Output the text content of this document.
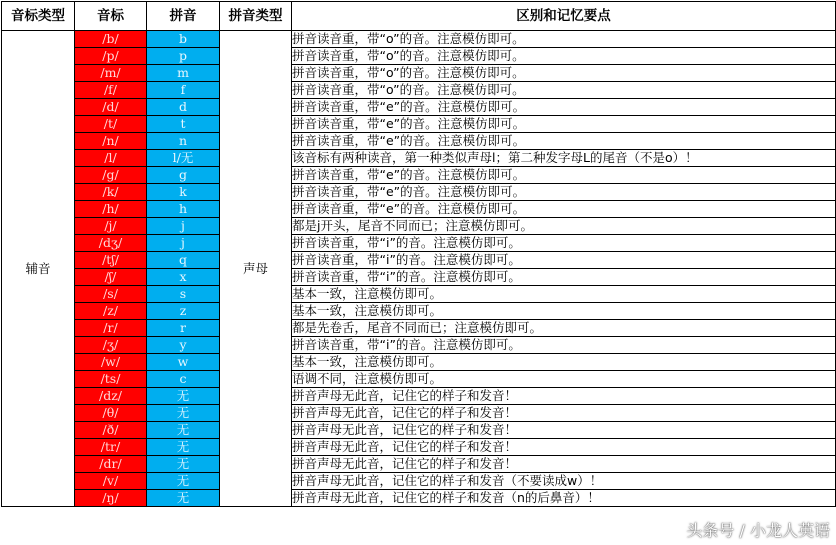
音标类型	音标	拼音	拼音类型	区别和记忆要点
辅音	/b/	b	声母	拼音读音重，带“o”的音。注意模仿即可。
	/p/	p		拼音读音重，带“o”的音。注意模仿即可。
	/m/	m		拼音读音重，带“o”的音。注意模仿即可。
	/f/	f		拼音读音重，带“o”的音。注意模仿即可。
	/d/	d		拼音读音重，带“e”的音。注意模仿即可。
	/t/	t		拼音读音重，带“e”的音。注意模仿即可。
	/n/	n		拼音读音重，带“e”的音。注意模仿即可。
	/l/	l/无		该音标有两种读音，第一种类似声母l；第二种发字母L的尾音（不是o）！
	/g/	g		拼音读音重，带“e”的音。注意模仿即可。
	/k/	k		拼音读音重，带“e”的音。注意模仿即可。
	/h/	h		拼音读音重，带“e”的音。注意模仿即可。
	/j/	j		都是j开头，尾音不同而已；注意模仿即可。
	/dʒ/	j		拼音读音重，带“i”的音。注意模仿即可。
	/tʃ/	q		拼音读音重，带“i”的音。注意模仿即可。
	/ʃ/	x		拼音读音重，带“i”的音。注意模仿即可。
	/s/	s		基本一致，注意模仿即可。
	/z/	z		基本一致，注意模仿即可。
	/r/	r		都是先卷舌，尾音不同而已；注意模仿即可。
	/ʒ/	y		拼音读音重，带“i”的音。注意模仿即可。
	/w/	w		基本一致，注意模仿即可。
	/ts/	c		语调不同，注意模仿即可。
	/dz/	无		拼音声母无此音，记住它的样子和发音！
	/θ/	无		拼音声母无此音，记住它的样子和发音！
	/ð/	无		拼音声母无此音，记住它的样子和发音！
	/tr/	无		拼音声母无此音，记住它的样子和发音！
	/dr/	无		拼音声母无此音，记住它的样子和发音！
	/v/	无		拼音声母无此音，记住它的样子和发音（不要读成w）！
	/ŋ/	无		拼音声母无此音，记住它的样子和发音（n的后鼻音）！
头条号 / 小龙人英语
